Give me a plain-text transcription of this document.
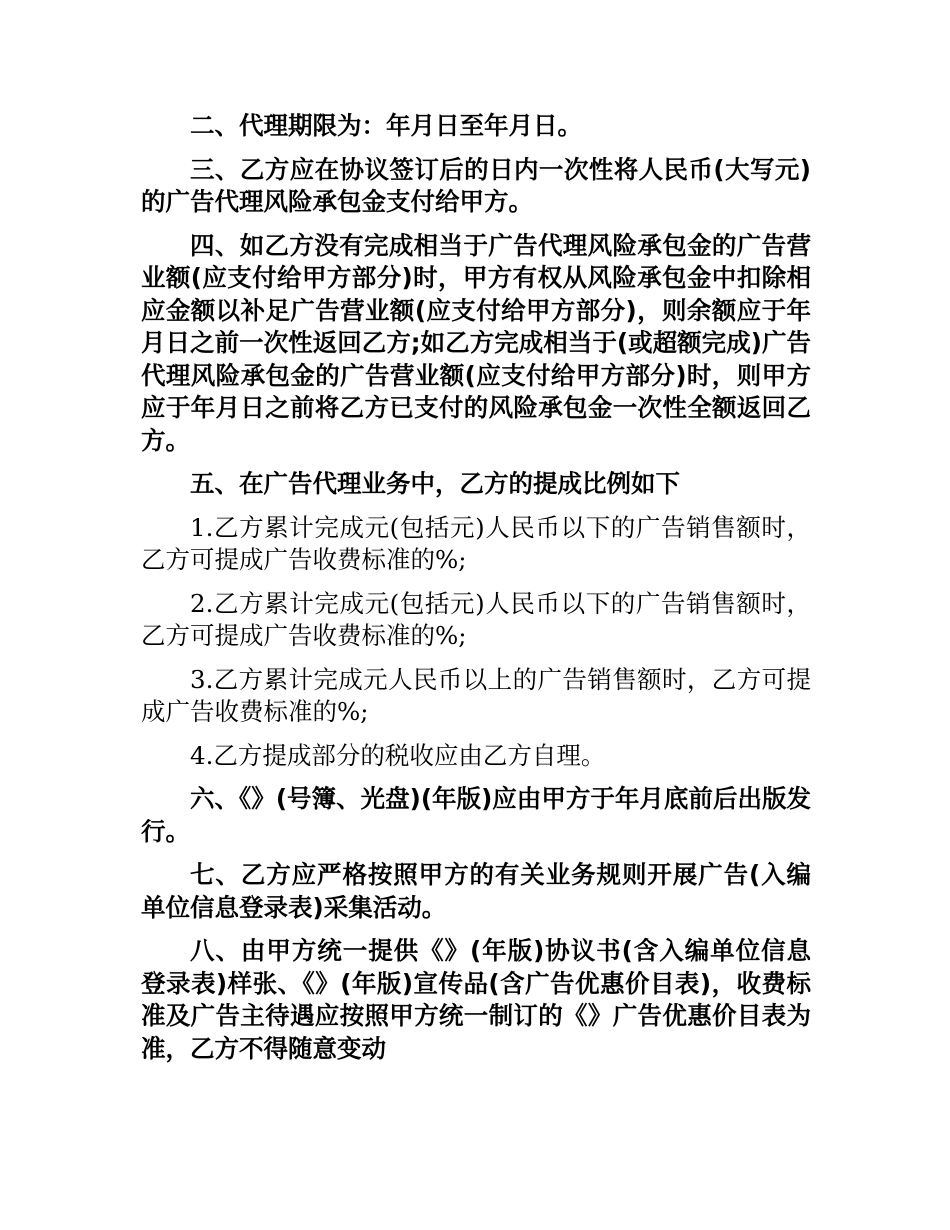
二、代理期限为：年月日至年月日。

三、乙方应在协议签订后的日内一次性将人民币(大写元)的广告代理风险承包金支付给甲方。

四、如乙方没有完成相当于广告代理风险承包金的广告营业额(应支付给甲方部分)时，甲方有权从风险承包金中扣除相应金额以补足广告营业额(应支付给甲方部分)，则余额应于年月日之前一次性返回乙方;如乙方完成相当于(或超额完成)广告代理风险承包金的广告营业额(应支付给甲方部分)时，则甲方应于年月日之前将乙方已支付的风险承包金一次性全额返回乙方。

五、在广告代理业务中，乙方的提成比例如下

1.乙方累计完成元(包括元)人民币以下的广告销售额时，乙方可提成广告收费标准的%;

2.乙方累计完成元(包括元)人民币以下的广告销售额时，乙方可提成广告收费标准的%;

3.乙方累计完成元人民币以上的广告销售额时，乙方可提成广告收费标准的%;

4.乙方提成部分的税收应由乙方自理。

六、《》(号簿、光盘)(年版)应由甲方于年月底前后出版发行。

七、乙方应严格按照甲方的有关业务规则开展广告(入编单位信息登录表)采集活动。

八、由甲方统一提供《》(年版)协议书(含入编单位信息登录表)样张、《》(年版)宣传品(含广告优惠价目表)，收费标准及广告主待遇应按照甲方统一制订的《》广告优惠价目表为准，乙方不得随意变动
